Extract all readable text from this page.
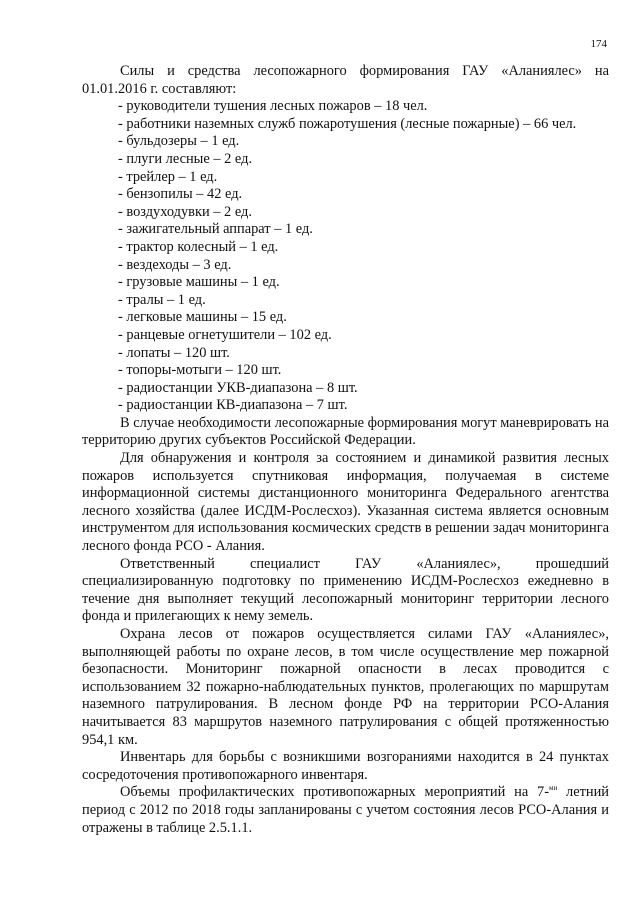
174

Силы и средства лесопожарного формирования ГАУ «Аланиялес» на 01.01.2016 г. составляют:

- руководители тушения лесных пожаров – 18 чел.
- работники наземных служб пожаротушения (лесные пожарные) – 66 чел.
- бульдозеры – 1 ед.
- плуги лесные – 2 ед.
- трейлер – 1 ед.
- бензопилы – 42 ед.
- воздуходувки – 2 ед.
- зажигательный аппарат – 1 ед.
- трактор колесный – 1 ед.
- вездеходы – 3 ед.
- грузовые машины – 1 ед.
- тралы – 1 ед.
- легковые машины – 15 ед.
- ранцевые огнетушители – 102 ед.
- лопаты – 120 шт.
- топоры-мотыги – 120 шт.
- радиостанции УКВ-диапазона – 8 шт.
- радиостанции КВ-диапазона – 7 шт.

В случае необходимости лесопожарные формирования могут маневрировать на территорию других субъектов Российской Федерации.

Для обнаружения и контроля за состоянием и динамикой развития лесных пожаров используется спутниковая информация, получаемая в системе информационной системы дистанционного мониторинга Федерального агентства лесного хозяйства (далее ИСДМ-Рослесхоз). Указанная система является основным инструментом для использования космических средств в решении задач мониторинга лесного фонда РСО - Алания.

Ответственный специалист ГАУ «Аланиялес», прошедший специализированную подготовку по применению ИСДМ-Рослесхоз ежедневно в течение дня выполняет текущий лесопожарный мониторинг территории лесного фонда и прилегающих к нему земель.

Охрана лесов от пожаров осуществляется силами ГАУ «Аланиялес», выполняющей работы по охране лесов, в том числе осуществление мер пожарной безопасности. Мониторинг пожарной опасности в лесах проводится с использованием 32 пожарно-наблюдательных пунктов, пролегающих по маршрутам наземного патрулирования. В лесном фонде РФ на территории РСО-Алания начитывается 83 маршрутов наземного патрулирования с общей протяженностью 954,1 км.

Инвентарь для борьбы с возникшими возгораниями находится в 24 пунктах сосредоточения противопожарного инвентаря.

Объемы профилактических противопожарных мероприятий на 7-$^{ми}$ летний период с 2012 по 2018 годы запланированы с учетом состояния лесов РСО-Алания и отражены в таблице 2.5.1.1.
